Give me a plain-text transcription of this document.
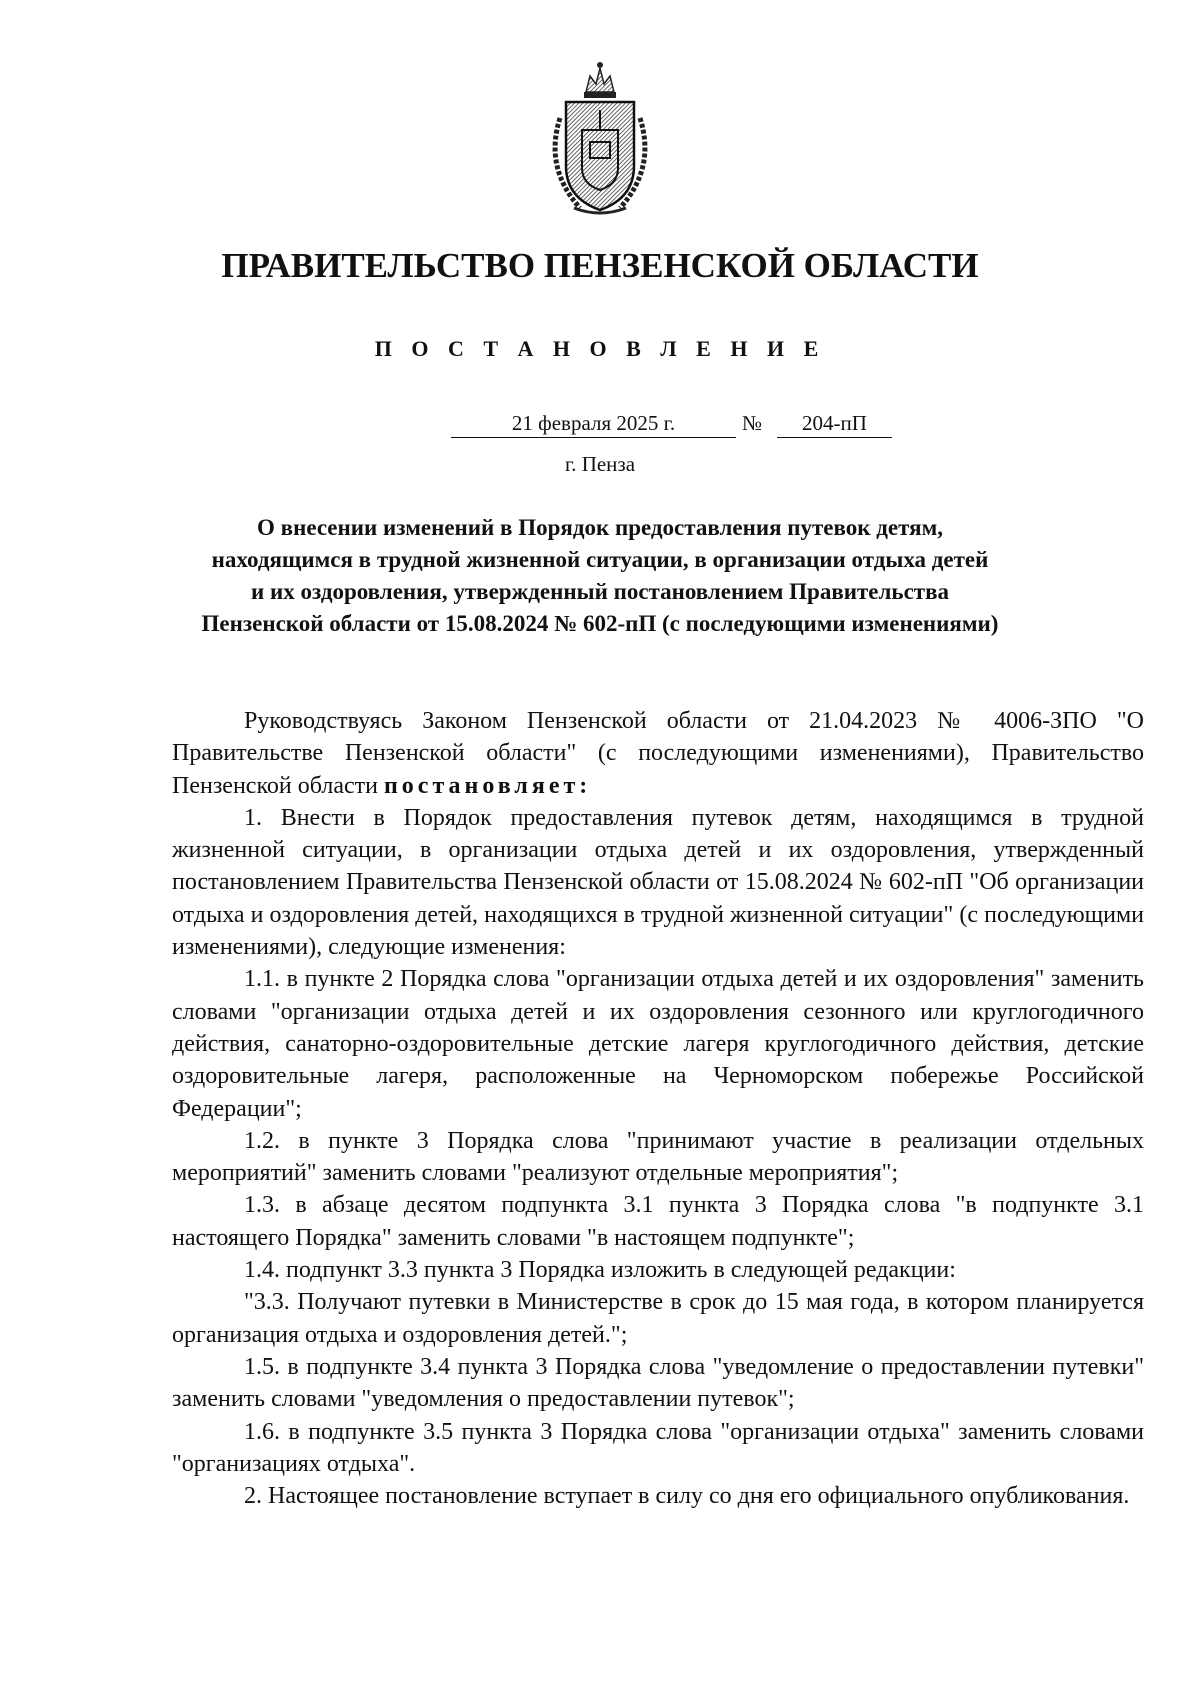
ПРАВИТЕЛЬСТВО ПЕНЗЕНСКОЙ ОБЛАСТИ
П О С Т А Н О В Л Е Н И Е
21 февраля 2025 г.	№	204-пП
г. Пенза
О внесении изменений в Порядок предоставления путевок детям,
находящимся в трудной жизненной ситуации, в организации отдыха детей
и их оздоровления, утвержденный постановлением Правительства
Пензенской области от 15.08.2024 № 602-пП (с последующими изменениями)

Руководствуясь Законом Пензенской области от 21.04.2023 № 4006-ЗПО "О Правительстве Пензенской области" (с последующими изменениями), Правительство Пензенской области постановляет:

1. Внести в Порядок предоставления путевок детям, находящимся в трудной жизненной ситуации, в организации отдыха детей и их оздоровления, утвержденный постановлением Правительства Пензенской области от 15.08.2024 № 602-пП "Об организации отдыха и оздоровления детей, находящихся в трудной жизненной ситуации" (с последующими изменениями), следующие изменения:

1.1. в пункте 2 Порядка слова "организации отдыха детей и их оздоровления" заменить словами "организации отдыха детей и их оздоровления сезонного или круглогодичного действия, санаторно-оздоровительные детские лагеря круглогодичного действия, детские оздоровительные лагеря, расположенные на Черноморском побережье Российской Федерации";

1.2. в пункте 3 Порядка слова "принимают участие в реализации отдельных мероприятий" заменить словами "реализуют отдельные мероприятия";

1.3. в абзаце десятом подпункта 3.1 пункта 3 Порядка слова "в подпункте 3.1 настоящего Порядка" заменить словами "в настоящем подпункте";

1.4. подпункт 3.3 пункта 3 Порядка изложить в следующей редакции:

"3.3. Получают путевки в Министерстве в срок до 15 мая года, в котором планируется организация отдыха и оздоровления детей.";

1.5. в подпункте 3.4 пункта 3 Порядка слова "уведомление о предоставлении путевки" заменить словами "уведомления о предоставлении путевок";

1.6. в подпункте 3.5 пункта 3 Порядка слова "организации отдыха" заменить словами "организациях отдыха".

2. Настоящее постановление вступает в силу со дня его официального опубликования.
